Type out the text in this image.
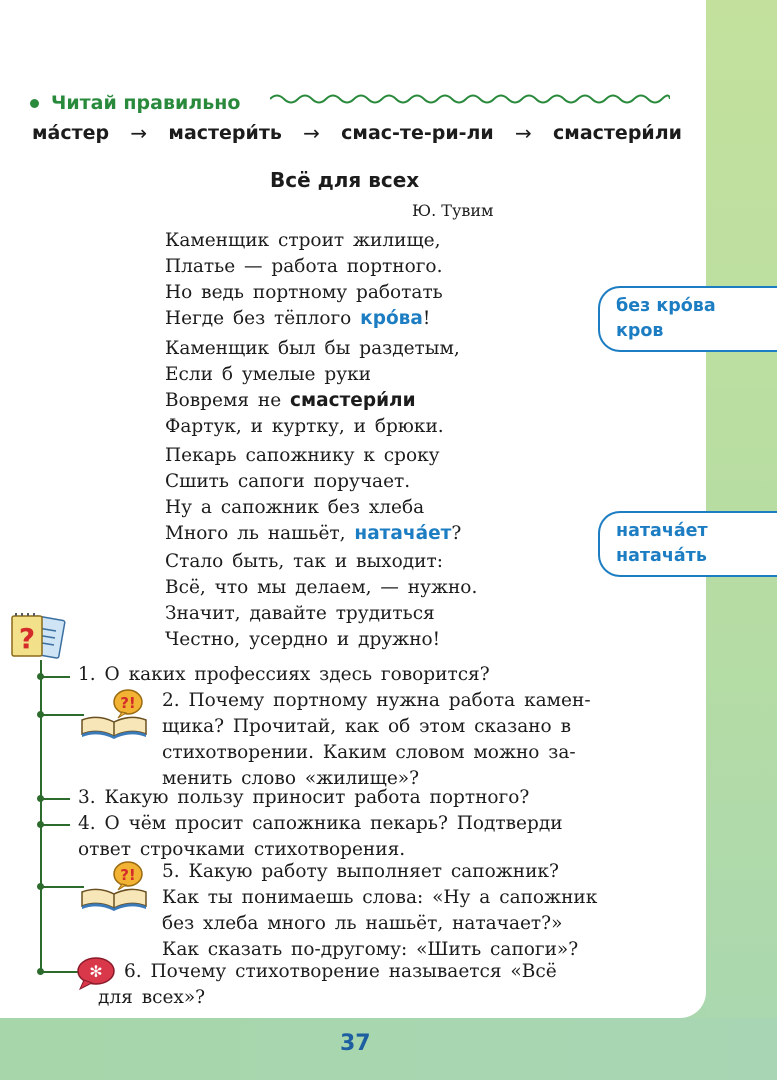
Читай правильно
ма́стер → мастери́ть → смас-те-ри-ли → смастери́ли
Всё для всех
Ю. Тувим
Каменщик строит жилище,
Платье — работа портного.
Но ведь портному работать
Негде без тёплого кро́ва!
Каменщик был бы раздетым,
Если б умелые руки
Вовремя не смастери́ли
Фартук, и куртку, и брюки.
Пекарь сапожнику к сроку
Сшить сапоги поручает.
Ну а сапожник без хлеба
Много ль нашьёт, натача́ет?
Стало быть, так и выходит:
Всё, что мы делаем, — нужно.
Значит, давайте трудиться
Честно, усердно и дружно!
без кро́ва
кров
натача́ет
натача́ть
?
?!
?!
✻
1. О каких профессиях здесь говорится?
2. Почему портному нужна работа камен-
щика? Прочитай, как об этом сказано в
стихотворении. Каким словом можно за-
менить слово «жилище»?
3. Какую пользу приносит работа портного?
4. О чём просит сапожника пекарь? Подтверди
ответ строчками стихотворения.
5. Какую работу выполняет сапожник?
Как ты понимаешь слова: «Ну а сапожник
без хлеба много ль нашьёт, натачает?»
Как сказать по-другому: «Шить сапоги»?
6. Почему стихотворение называется «Всё
для всех»?
37
